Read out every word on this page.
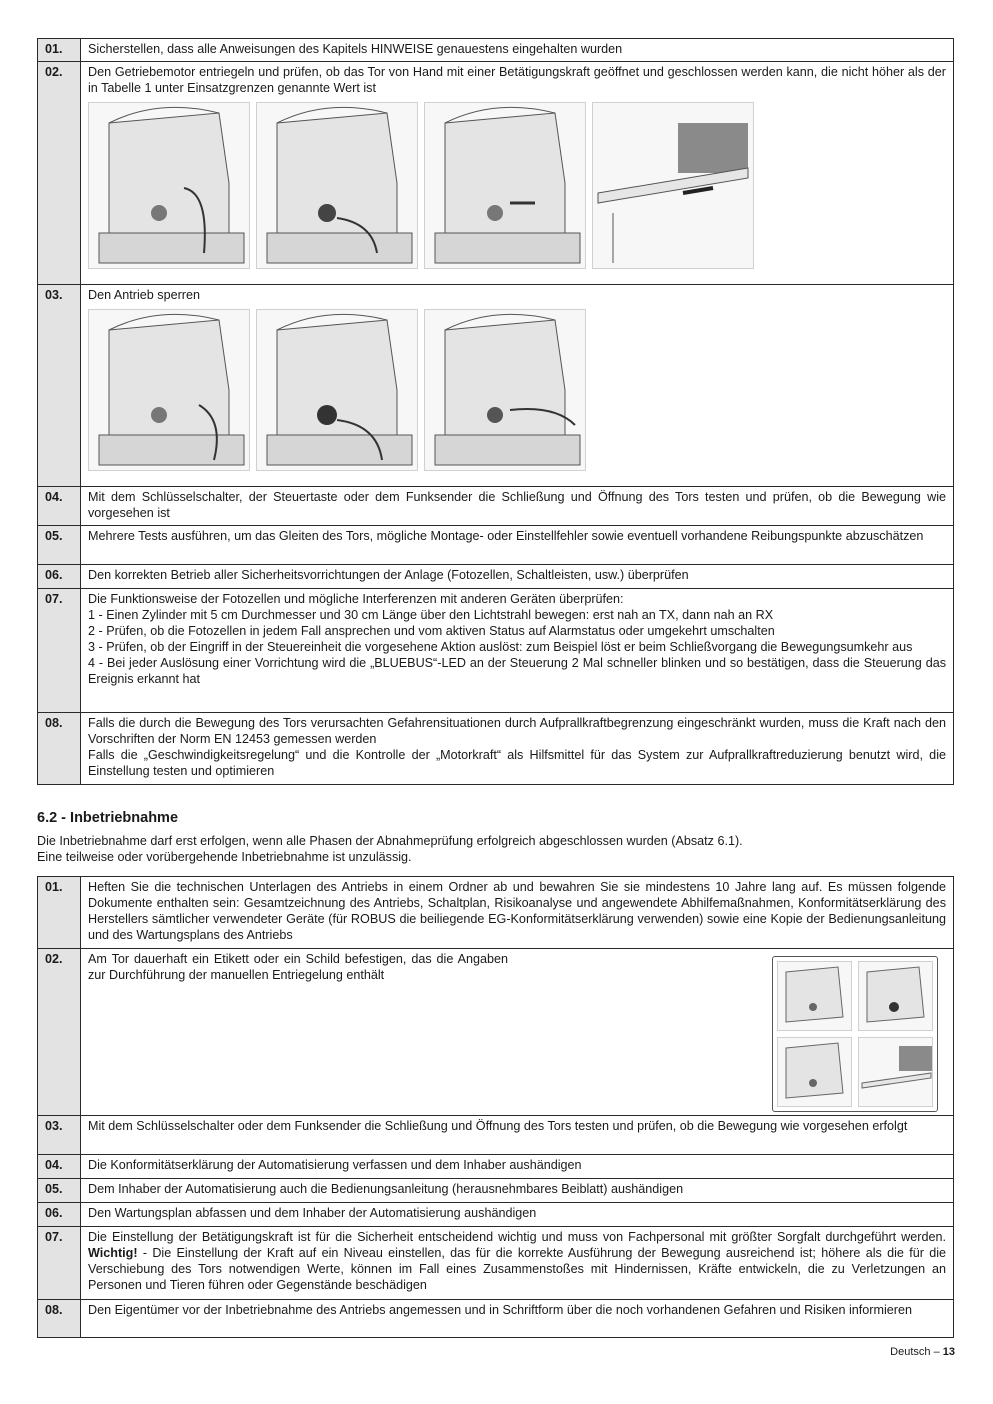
01.	Sicherstellen, dass alle Anweisungen des Kapitels HINWEISE genauestens eingehalten wurden

02.	Den Getriebemotor entriegeln und prüfen, ob das Tor von Hand mit einer Betätigungskraft geöffnet und geschlossen werden kann, die nicht höher als der in Tabelle 1 unter Einsatzgrenzen genannte Wert ist

03.	Den Antrieb sperren

04.	Mit dem Schlüsselschalter, der Steuertaste oder dem Funksender die Schließung und Öffnung des Tors testen und prüfen, ob die Bewegung wie vorgesehen ist

05.	Mehrere Tests ausführen, um das Gleiten des Tors, mögliche Montage- oder Einstellfehler sowie eventuell vorhandene Reibungspunkte abzuschätzen

06.	Den korrekten Betrieb aller Sicherheitsvorrichtungen der Anlage (Fotozellen, Schaltleisten, usw.) überprüfen

07.	Die Funktionsweise der Fotozellen und mögliche Interferenzen mit anderen Geräten überprüfen:
1 - Einen Zylinder mit 5 cm Durchmesser und 30 cm Länge über den Lichtstrahl bewegen: erst nah an TX, dann nah an RX
2 - Prüfen, ob die Fotozellen in jedem Fall ansprechen und vom aktiven Status auf Alarmstatus oder umgekehrt umschalten
3 - Prüfen, ob der Eingriff in der Steuereinheit die vorgesehene Aktion auslöst: zum Beispiel löst er beim Schließvorgang die Bewegungsumkehr aus
4 - Bei jeder Auslösung einer Vorrichtung wird die „BLUEBUS“-LED an der Steuerung 2 Mal schneller blinken und so bestätigen, dass die Steuerung das Ereignis erkannt hat

08.	Falls die durch die Bewegung des Tors verursachten Gefahrensituationen durch Aufprallkraftbegrenzung eingeschränkt wurden, muss die Kraft nach den Vorschriften der Norm EN 12453 gemessen werden
Falls die „Geschwindigkeitsregelung“ und die Kontrolle der „Motorkraft“ als Hilfsmittel für das System zur Aufprallkraftreduzierung benutzt wird, die Einstellung testen und optimieren
6.2 - Inbetriebnahme
Die Inbetriebnahme darf erst erfolgen, wenn alle Phasen der Abnahmeprüfung erfolgreich abgeschlossen wurden (Absatz 6.1).
Eine teilweise oder vorübergehende Inbetriebnahme ist unzulässig.
01.	Heften Sie die technischen Unterlagen des Antriebs in einem Ordner ab und bewahren Sie sie mindestens 10 Jahre lang auf. Es müssen folgende Dokumente enthalten sein: Gesamtzeichnung des Antriebs, Schaltplan, Risikoanalyse und angewendete Abhilfemaßnahmen, Konformitätserklärung des Herstellers sämtlicher verwendeter Geräte (für ROBUS die beiliegende EG-Konformitätserklärung verwenden) sowie eine Kopie der Bedienungsanleitung und des Wartungsplans des Antriebs

02.	Am Tor dauerhaft ein Etikett oder ein Schild befestigen, das die Angaben zur Durchführung der manuellen Entriegelung enthält

03.	Mit dem Schlüsselschalter oder dem Funksender die Schließung und Öffnung des Tors testen und prüfen, ob die Bewegung wie vorgesehen erfolgt

04.	Die Konformitätserklärung der Automatisierung verfassen und dem Inhaber aushändigen

05.	Dem Inhaber der Automatisierung auch die Bedienungsanleitung (herausnehmbares Beiblatt) aushändigen

06.	Den Wartungsplan abfassen und dem Inhaber der Automatisierung aushändigen

07.	Die Einstellung der Betätigungskraft ist für die Sicherheit entscheidend wichtig und muss von Fachpersonal mit größter Sorgfalt durchgeführt werden. Wichtig! - Die Einstellung der Kraft auf ein Niveau einstellen, das für die korrekte Ausführung der Bewegung ausreichend ist; höhere als die für die Verschiebung des Tors notwendigen Werte, können im Fall eines Zusammenstoßes mit Hindernissen, Kräfte entwickeln, die zu Verletzungen an Personen und Tieren führen oder Gegenstände beschädigen
08.	Den Eigentümer vor der Inbetriebnahme des Antriebs angemessen und in Schriftform über die noch vorhandenen Gefahren und Risiken informieren
Deutsch – 13
